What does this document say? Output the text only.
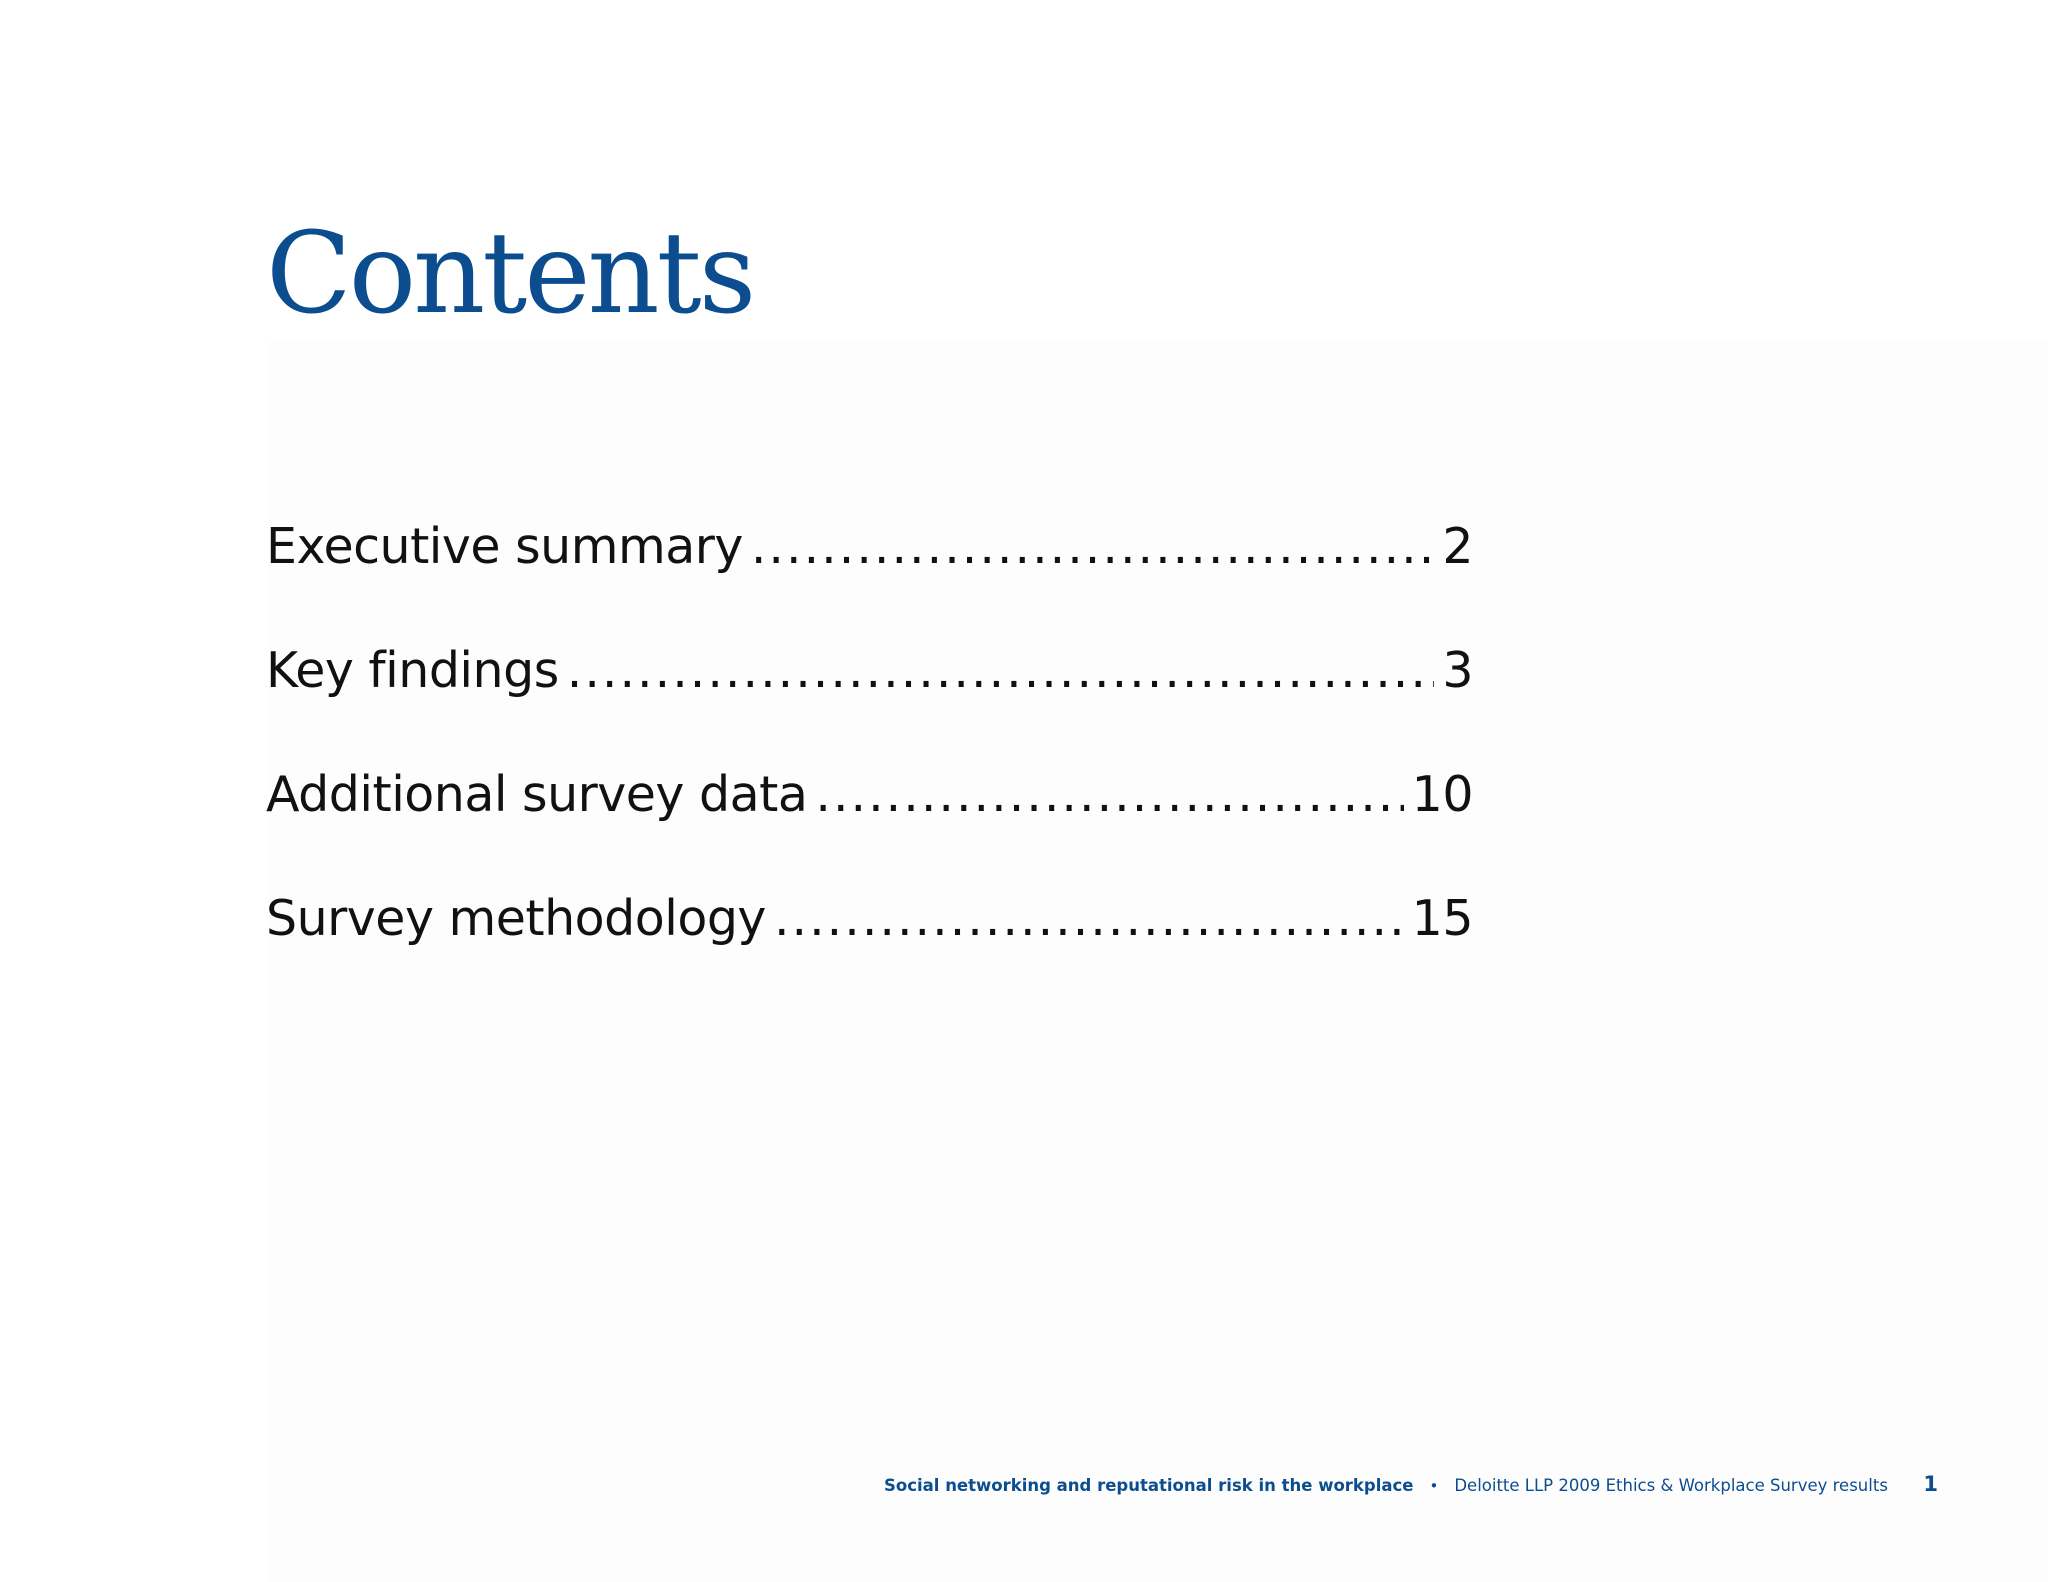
Contents
Executive summary .....	2
Key findings .....	3
Additional survey data .....	10
Survey methodology .....	15
Social networking and reputational risk in the workplace • Deloitte LLP 2009 Ethics & Workplace Survey results 1
